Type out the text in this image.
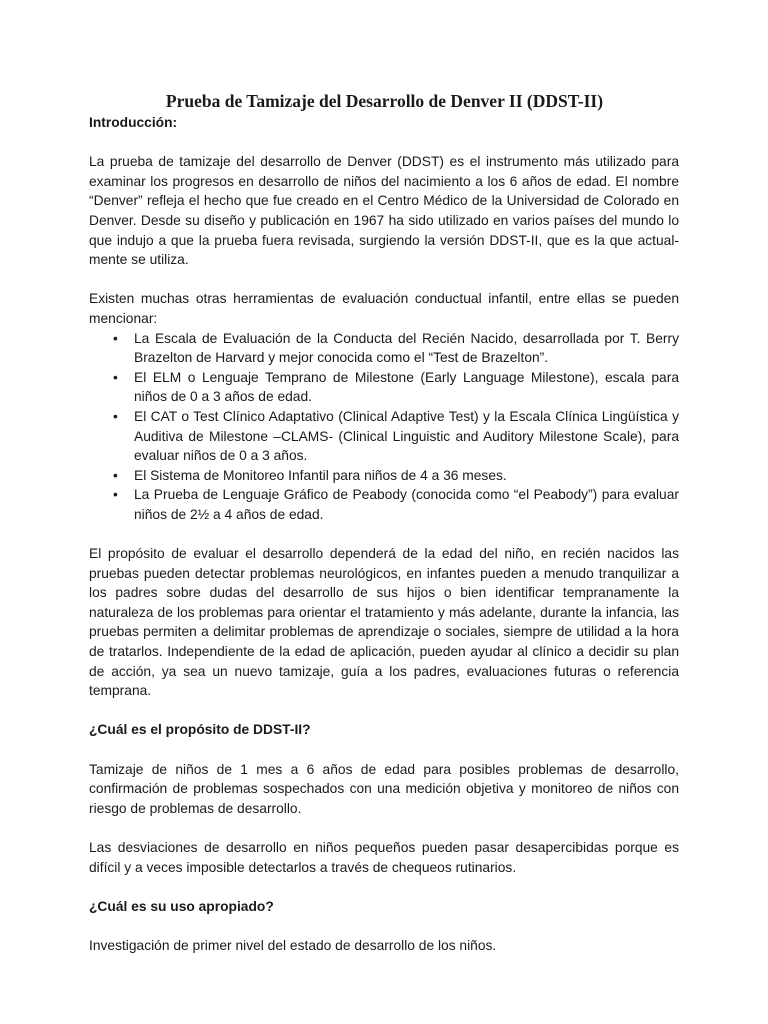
Prueba de Tamizaje del Desarrollo de Denver II (DDST-II)
Introducción:

La prueba de tamizaje del desarrollo de Denver (DDST) es el instrumento más utilizado para examinar los progresos en desarrollo de niños del nacimiento a los 6 años de edad. El nombre “Denver” refleja el hecho que fue creado en el Centro Médico de la Universidad de Colorado en Denver. Desde su diseño y publicación en 1967 ha sido utilizado en varios países del mundo lo que indujo a que la prueba fuera revisada, surgiendo la versión DDST-II, que es la que actual-mente se utiliza.

Existen muchas otras herramientas de evaluación conductual infantil, entre ellas se pueden mencionar:

• La Escala de Evaluación de la Conducta del Recién Nacido, desarrollada por T. Berry Brazelton de Harvard y mejor conocida como el “Test de Brazelton”.
• El ELM o Lenguaje Temprano de Milestone (Early Language Milestone), escala para niños de 0 a 3 años de edad.
• El CAT o Test Clínico Adaptativo (Clinical Adaptive Test) y la Escala Clínica Lingüística y Auditiva de Milestone –CLAMS- (Clinical Linguistic and Auditory Milestone Scale), para evaluar niños de 0 a 3 años.
• El Sistema de Monitoreo Infantil para niños de 4 a 36 meses.
• La Prueba de Lenguaje Gráfico de Peabody (conocida como “el Peabody”) para evaluar niños de 2½ a 4 años de edad.

El propósito de evaluar el desarrollo dependerá de la edad del niño, en recién nacidos las pruebas pueden detectar problemas neurológicos, en infantes pueden a menudo tranquilizar a los padres sobre dudas del desarrollo de sus hijos o bien identificar tempranamente la naturaleza de los problemas para orientar el tratamiento y más adelante, durante la infancia, las pruebas permiten a delimitar problemas de aprendizaje o sociales, siempre de utilidad a la hora de tratarlos. Independiente de la edad de aplicación, pueden ayudar al clínico a decidir su plan de acción, ya sea un nuevo tamizaje, guía a los padres, evaluaciones futuras o referencia temprana.

¿Cuál es el propósito de DDST-II?

Tamizaje de niños de 1 mes a 6 años de edad para posibles problemas de desarrollo, confirmación de problemas sospechados con una medición objetiva y monitoreo de niños con riesgo de problemas de desarrollo.

Las desviaciones de desarrollo en niños pequeños pueden pasar desapercibidas porque es difícil y a veces imposible detectarlos a través de chequeos rutinarios.

¿Cuál es su uso apropiado?

Investigación de primer nivel del estado de desarrollo de los niños.
